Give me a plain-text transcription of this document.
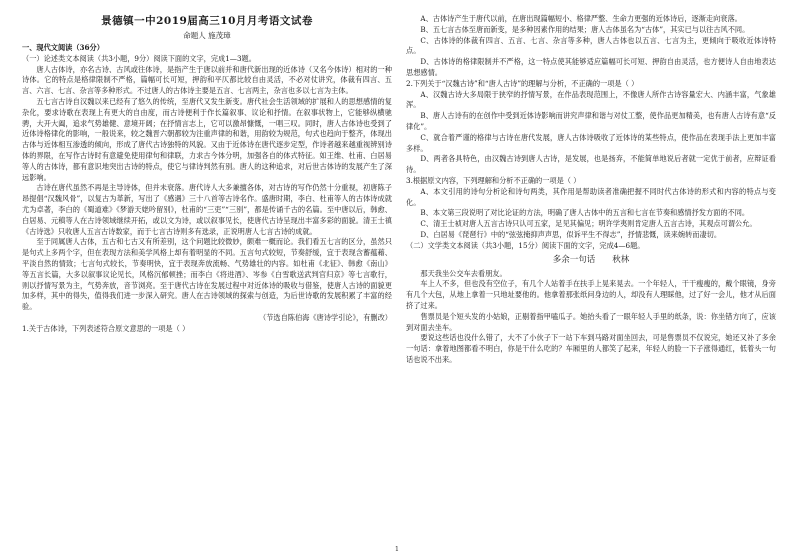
景德镇一中2019届高三10月月考语文试卷
命题人 施茂璋

一、现代文阅读（36分）

（一）论述类文本阅读（共3小题，9分）阅读下面的文字，完成1—3题。

唐人古体诗，亦名古诗、古风或往体诗，是指产生于唐以前并和唐代新出现的近体诗（又名今体诗）相对的一种诗体。它的特点是格律限制不严格，篇幅可长可短，押韵和平仄都比较自由灵活，不必对仗讲究，体裁有四言、五言、六言、七言、杂言等多种形式。不过唐人的古体诗主要是五言、七言两主，杂言也多以七言为主体。

五七言古诗自汉魏以来已经有了悠久的传统，至唐代又发生新变。唐代社会生活领域的扩展和人的思想感情的复杂化，要求诗歌在表现上有更大的自由度，而古诗便利于作长篇叙事、议论和抒情。在叙事状物上，它能够纵横驰骋，大开大阖，追求气势雄健、意境开阔；在抒情言志上，它可以激昂慷慨，一唱三叹。同时，唐人古体诗也受到了近体诗格律化的影响，一般说来，较之魏晋六朝都较为注重声律的和谐，用韵较为规范，句式也趋向于整齐，体现出古体与近体相互渗透的倾向，形成了唐代古诗独特的风貌。又由于近体诗在唐代逐步定型，作诗者越来越重视辨别诗体的界限，在写作古诗时有意避免使用律句和律联，力求古今体分明，加强各自的体式特征。如王维、杜甫、白居易等人的古体诗，都有意识地突出古诗的特点，使它与律诗判然有别。唐人的这种追求，对后世古体诗的发展产生了深远影响。

古诗在唐代虽然不再是主导诗体，但并未衰落。唐代诗人大多兼擅各体，对古诗的写作仍然十分重视，初唐陈子昂提倡“汉魏风骨”，以复古为革新，写出了《感遇》三十八首等古诗名作。盛唐时期，李白、杜甫等人的古体诗成就尤为卓著，李白的《蜀道难》《梦游天姥吟留别》，杜甫的“三吏”“三别”，都是传诵千古的名篇。至中唐以后，韩愈、白居易、元稹等人在古诗领域继续开拓，或以文为诗，或以叙事见长，使唐代古诗呈现出丰富多彩的面貌。清王士禛《古诗选》只收唐人五言古诗数家，而于七言古诗则多有选录，正说明唐人七言古诗的成就。

至于同属唐人古体，五古和七古又有所差别，这个问题比较微妙，颇难一概而论。我们看五七言的区分，虽然只是句式上多两个字，但在表现方法和美学风格上却有着明显的不同。五言句式较短，节奏舒缓，宜于表现含蓄蕴藉、平淡自然的情致；七言句式较长，节奏明快，宜于表现奔放流畅、气势雄壮的内容。如杜甫《北征》、韩愈《南山》等五言长篇，大多以叙事议论见长，风格沉郁顿挫；而李白《将进酒》、岑参《白雪歌送武判官归京》等七言歌行，则以抒情写景为主，气势奔放，音节浏亮。至于唐代古诗在发展过程中对近体诗的吸收与借鉴，使唐人古诗的面貌更加多样，其中的得失，值得我们进一步深入研究。唐人在古诗领域的探索与创造，为后世诗歌的发展积累了丰富的经验。

（节选自陈伯海《唐诗学引论》，有删改）

1.关于古体诗，下列表述符合原文意思的一项是（ ）

A、古体诗产生于唐代以前，在唐出现篇幅短小、格律严整、生命力更强的近体诗后，逐渐走向衰落。

B、五七言古体至唐而新变，是多种因素作用的结果；唐人古体虽名为“古体”，其实已与以往古风不同。

C、古体诗的体裁有四言、五言、七言、杂言等多种，唐人古体也以五言、七言为主，更倾向于吸收近体诗特点。

D、古体诗的格律限制并不严格，这一特点使其能够适应篇幅可长可短、押韵自由灵活，也方便诗人自由地表达思想感情。

2.下列关于“汉魏古诗”和“唐人古诗”的理解与分析，不正确的一项是（ ）

A、汉魏古诗大多局限于狭窄的抒情写景，在作品表现范围上，不像唐人所作古诗容量宏大、内涵丰富，气象雄浑。

B、唐人古诗有的在创作中受到近体诗影响而讲究声律和谐与对仗工整，使作品更加精美，也有唐人古诗有意“反律化”。

C、就合着严谨的格律与古诗在唐代发展，唐人古体诗吸收了近体诗的某些特点，使作品在表现手法上更加丰富多样。

D、两者各具特色，由汉魏古诗到唐人古诗，是发展，也是扬弃，不能简单地说后者就一定优于前者，应辩证看待。

3.根据原文内容，下列理解和分析不正确的一项是（ ）

A、本文引用的诗句分析论和诗句两类，其作用是帮助读者准确把握不同时代古体诗的形式和内容的特点与变化。

B、本文第三段说明了对比论证的方法，明确了唐人古体中的五言和七言在节奏和感情抒发方面的不同。

C、清王士祯对唐人五言古诗只认可五家，足见其偏见；明许学夷则肯定唐人五言古诗，其观点可谓公允。

D、白居易《琵琶行》中的“弦弦掩抑声声思，似诉平生不得志”，抒情悲慨，读来婉转而凄切。

（二）文学类文本阅读（共3小题，15分）阅读下面的文字，完成4—6题。

多余一句话　　秋林

那天我坐公交车去看朋友。

车上人不多，但也没有空位子，有几个人站着手在扶手上晃来晃去。一个年轻人，干干瘦瘦的，戴个眼镜，身旁有几个大包，从地上拿着一只地址要他的。他拿着那张纸问身边的人，却没有人理睬他，过了好一会儿，他才从后面挤了过来。

售票员是个短头发的小姑娘，正剔着指甲嗑瓜子。她抬头看了一眼年轻人手里的纸条，说：你坐错方向了，应该到对面去坐车。

要说这些话也没什么错了，大不了小伙子下一站下车到马路对面坐回去，可是售票员不仅说完，她还又补了多余一句话：拿着地图都看不明白，你是干什么吃的？车厢里的人都笑了起来，年轻人的脸一下子涨得通红，低着头一句话也说不出来。

1
